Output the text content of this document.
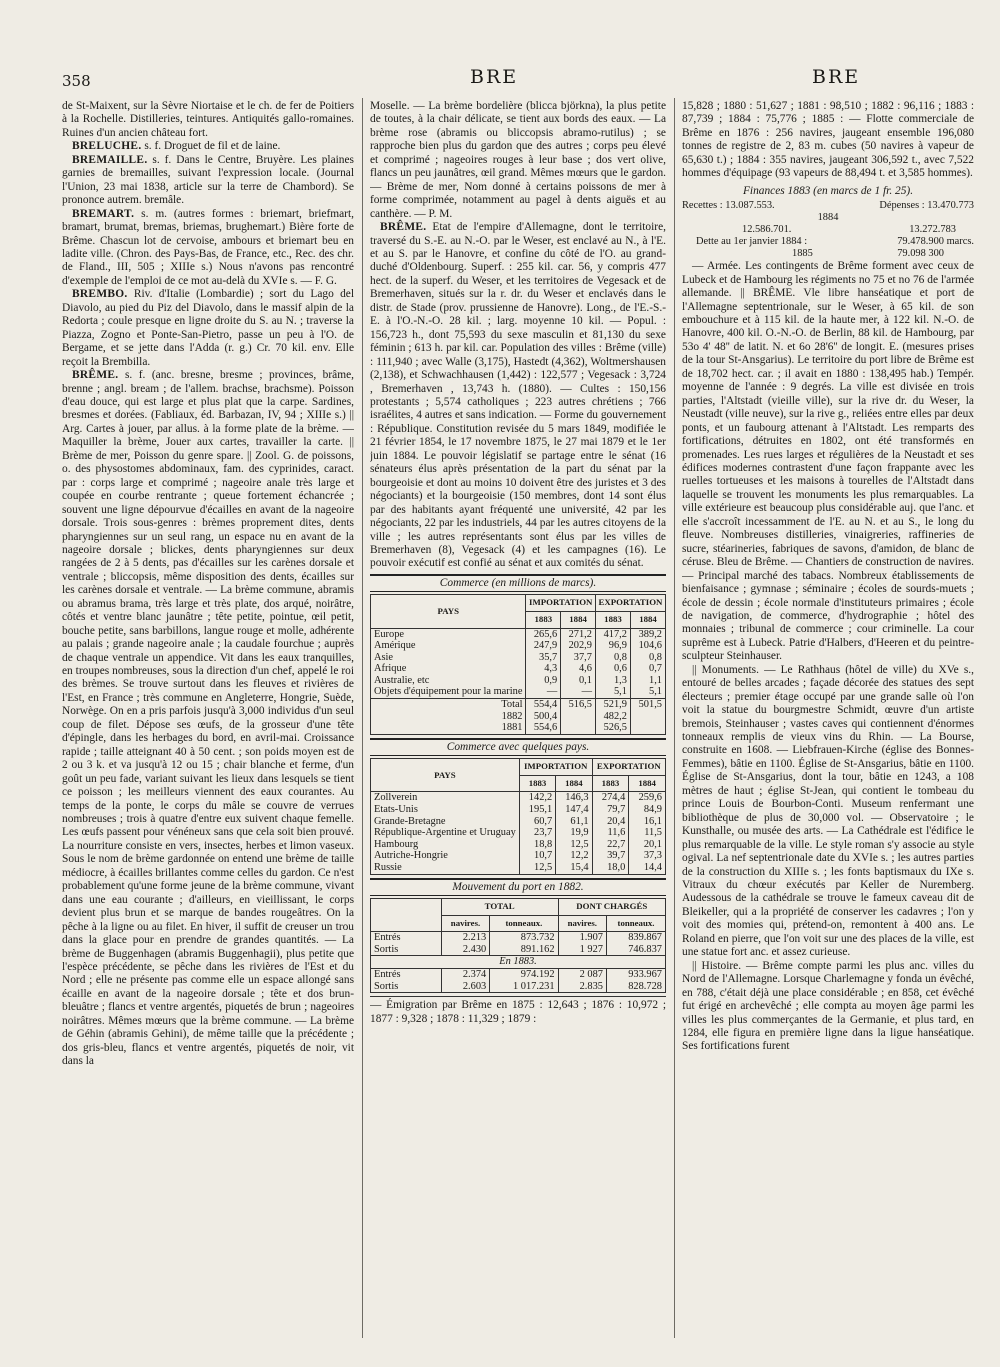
358	BRE	BRE

de St-Maixent, sur la Sèvre Niortaise et le ch. de fer de Poitiers à la Rochelle. Distilleries, teintures. Antiquités gallo-romaines. Ruines d'un ancien château fort.

BRELUCHE. s. f. Droguet de fil et de laine.

BREMAILLE. s. f. Dans le Centre, Bruyère. Les plaines garnies de bremailles, suivant l'expression locale. (Journal l'Union, 23 mai 1838, article sur la terre de Chambord). Se prononce autrem. bremâle.

BREMART. s. m. (autres formes : briemart, briefmart, bramart, brumat, bremas, briemas, brughemart.) Bière forte de Brême. Chascun lot de cervoise, ambours et briemart beu en ladite ville. (Chron. des Pays-Bas, de France, etc., Rec. des chr. de Fland., III, 505 ; XIIIe s.) Nous n'avons pas rencontré d'exemple de l'emploi de ce mot au-delà du XVIe s. — F. G.

BREMBO. Riv. d'Italie (Lombardie) ; sort du Lago del Diavolo, au pied du Piz del Diavolo, dans le massif alpin de la Redorta ; coule presque en ligne droite du S. au N. ; traverse la Piazza, Zogno et Ponte-San-Pietro, passe un peu à l'O. de Bergame, et se jette dans l'Adda (r. g.) Cr. 70 kil. env. Elle reçoit la Brembilla.

BRÊME. s. f. (anc. bresne, bresme ; provinces, brâme, brenne ; angl. bream ; de l'allem. brachse, brachsme). Poisson d'eau douce, qui est large et plus plat que la carpe. Sardines, bresmes et dorées. (Fabliaux, éd. Barbazan, IV, 94 ; XIIIe s.) || Arg. Cartes à jouer, par allus. à la forme plate de la brème. — Maquiller la brème, Jouer aux cartes, travailler la carte. || Brème de mer, Poisson du genre spare. || Zool. G. de poissons, o. des physostomes abdominaux, fam. des cyprinides, caract. par : corps large et comprimé ; nageoire anale très large et coupée en courbe rentrante ; queue fortement échancrée ; souvent une ligne dépourvue d'écailles en avant de la nageoire dorsale. Trois sous-genres : brèmes proprement dites, dents pharyngiennes sur un seul rang, un espace nu en avant de la nageoire dorsale ; blickes, dents pharyngiennes sur deux rangées de 2 à 5 dents, pas d'écailles sur les carènes dorsale et ventrale ; bliccopsis, même disposition des dents, écailles sur les carènes dorsale et ventrale. — La brème commune, abramis ou abramus brama, très large et très plate, dos arqué, noirâtre, côtés et ventre blanc jaunâtre ; tête petite, pointue, œil petit, bouche petite, sans barbillons, langue rouge et molle, adhérente au palais ; grande nageoire anale ; la caudale fourchue ; auprès de chaque ventrale un appendice. Vit dans les eaux tranquilles, en troupes nombreuses, sous la direction d'un chef, appelé le roi des brèmes. Se trouve surtout dans les fleuves et rivières de l'Est, en France ; très commune en Angleterre, Hongrie, Suède, Norwège. On en a pris parfois jusqu'à 3,000 individus d'un seul coup de filet. Dépose ses œufs, de la grosseur d'une tête d'épingle, dans les herbages du bord, en avril-mai. Croissance rapide ; taille atteignant 40 à 50 cent. ; son poids moyen est de 2 ou 3 k. et va jusqu'à 12 ou 15 ; chair blanche et ferme, d'un goût un peu fade, variant suivant les lieux dans lesquels se tient ce poisson ; les meilleurs viennent des eaux courantes. Au temps de la ponte, le corps du mâle se couvre de verrues nombreuses ; trois à quatre d'entre eux suivent chaque femelle. Les œufs passent pour vénéneux sans que cela soit bien prouvé. La nourriture consiste en vers, insectes, herbes et limon vaseux. Sous le nom de brème gardonnée on entend une brème de taille médiocre, à écailles brillantes comme celles du gardon. Ce n'est probablement qu'une forme jeune de la brème commune, vivant dans une eau courante ; d'ailleurs, en vieillissant, le corps devient plus brun et se marque de bandes rougeâtres. On la pêche à la ligne ou au filet. En hiver, il suffit de creuser un trou dans la glace pour en prendre de grandes quantités. — La brème de Buggenhagen (abramis Buggenhagii), plus petite que l'espèce précédente, se pêche dans les rivières de l'Est et du Nord ; elle ne présente pas comme elle un espace allongé sans écaille en avant de la nageoire dorsale ; tête et dos brun-bleuâtre ; flancs et ventre argentés, piquetés de brun ; nageoires noirâtres. Mêmes mœurs que la brème commune. — La brème de Géhin (abramis Gehini), de même taille que la précédente ; dos gris-bleu, flancs et ventre argentés, piquetés de noir, vit dans la

Moselle. — La brème bordelière (blicca björkna), la plus petite de toutes, à la chair délicate, se tient aux bords des eaux. — La brème rose (abramis ou bliccopsis abramo-rutilus) ; se rapproche bien plus du gardon que des autres ; corps peu élevé et comprimé ; nageoires rouges à leur base ; dos vert olive, flancs un peu jaunâtres, œil grand. Mêmes mœurs que le gardon. — Brème de mer, Nom donné à certains poissons de mer à forme comprimée, notamment au pagel à dents aiguës et au canthère. — P. M.

BRÊME. Etat de l'empire d'Allemagne, dont le territoire, traversé du S.-E. au N.-O. par le Weser, est enclavé au N., à l'E. et au S. par le Hanovre, et confine du côté de l'O. au grand-duché d'Oldenbourg. Superf. : 255 kil. car. 56, y compris 477 hect. de la superf. du Weser, et les territoires de Vegesack et de Bremerhaven, situés sur la r. dr. du Weser et enclavés dans le distr. de Stade (prov. prussienne de Hanovre). Long., de l'E.-S.-E. à l'O.-N.-O. 28 kil. ; larg. moyenne 10 kil. — Popul. : 156,723 h., dont 75,593 du sexe masculin et 81,130 du sexe féminin ; 613 h. par kil. car. Population des villes : Brême (ville) : 111,940 ; avec Walle (3,175), Hastedt (4,362), Woltmershausen (2,138), et Schwachhausen (1,442) : 122,577 ; Vegesack : 3,724 , Bremerhaven , 13,743 h. (1880). — Cultes : 150,156 protestants ; 5,574 catholiques ; 223 autres chrétiens ; 766 israélites, 4 autres et sans indication. — Forme du gouvernement : République. Constitution revisée du 5 mars 1849, modifiée le 21 février 1854, le 17 novembre 1875, le 27 mai 1879 et le 1er juin 1884. Le pouvoir législatif se partage entre le sénat (16 sénateurs élus après présentation de la part du sénat par la bourgeoisie et dont au moins 10 doivent être des juristes et 3 des négociants) et la bourgeoisie (150 membres, dont 14 sont élus par des habitants ayant fréquenté une université, 42 par les négociants, 22 par les industriels, 44 par les autres citoyens de la ville ; les autres représentants sont élus par les villes de Bremerhaven (8), Vegesack (4) et les campagnes (16). Le pouvoir exécutif est confié au sénat et aux comités du sénat.

Commerce (en millions de marcs).
PAYS	IMPORTATION		EXPORTATION	
	1883	1884	1883	1884
Europe	265,6	271,2	417,2	389,2
Amérique	247,9	202,9	96,9	104,6
Asie	35,7	37,7	0,8	0,8
Afrique	4,3	4,6	0,6	0,7
Australie, etc	0,9	0,1	1,3	1,1
Objets d'équipement pour la marine	—	—	5,1	5,1
Total	554,4	516,5	521,9	501,5
1882	500,4		482,2	
1881	554,6		526,5	
Commerce avec quelques pays.
PAYS	IMPORTATION		EXPORTATION	
	1883	1884	1883	1884
Zollverein	142,2	146,3	274,4	259,6
Etats-Unis	195,1	147,4	79,7	84,9
Grande-Bretagne	60,7	61,1	20,4	16,1
République-Argentine et Uruguay	23,7	19,9	11,6	11,5
Hambourg	18,8	12,5	22,7	20,1
Autriche-Hongrie	10,7	12,2	39,7	37,3
Russie	12,5	15,4	18,0	14,4
Mouvement du port en 1882.
	TOTAL		DONT CHARGÉS	
	navires.	tonneaux.	navires.	tonneaux.
Entrés	2.213	873.732	1.907	839.867
Sortis	2.430	891.162	1 927	746.837
En 1883.				
Entrés	2.374	974.192	2 087	933.967
Sortis	2.603	1 017.231	2.835	828.728

— Émigration par Brême en 1875 : 12,643 ; 1876 : 10,972 ; 1877 : 9,328 ; 1878 : 11,329 ; 1879 :

15,828 ; 1880 : 51,627 ; 1881 : 98,510 ; 1882 : 96,116 ; 1883 : 87,739 ; 1884 : 75,776 ; 1885 : — Flotte commerciale de Brême en 1876 : 256 navires, jaugeant ensemble 196,080 tonnes de registre de 2, 83 m. cubes (50 navires à vapeur de 65,630 t.) ; 1884 : 355 navires, jaugeant 306,592 t., avec 7,522 hommes d'équipage (93 vapeurs de 88,494 t. et 3,585 hommes).

Finances 1883 (en marcs de 1 fr. 25).
Recettes : 13.087.553.	Dépenses : 13.470.773
1884
12.586.701.	13.272.783
Dette au 1er janvier 1884 :	79.478.900 marcs.
1885	79.098 300

— Armée. Les contingents de Brême forment avec ceux de Lubeck et de Hambourg les régiments no 75 et no 76 de l'armée allemande. || BRÊME. Vle libre hanséatique et port de l'Allemagne septentrionale, sur le Weser, à 65 kil. de son embouchure et à 115 kil. de la haute mer, à 122 kil. N.-O. de Hanovre, 400 kil. O.-N.-O. de Berlin, 88 kil. de Hambourg, par 53o 4' 48'' de latit. N. et 6o 28'6'' de longit. E. (mesures prises de la tour St-Ansgarius). Le territoire du port libre de Brême est de 18,702 hect. car. ; il avait en 1880 : 138,495 hab.) Tempér. moyenne de l'année : 9 degrés. La ville est divisée en trois parties, l'Altstadt (vieille ville), sur la rive dr. du Weser, la Neustadt (ville neuve), sur la rive g., reliées entre elles par deux ponts, et un faubourg attenant à l'Altstadt. Les remparts des fortifications, détruites en 1802, ont été transformés en promenades. Les rues larges et régulières de la Neustadt et ses édifices modernes contrastent d'une façon frappante avec les ruelles tortueuses et les maisons à tourelles de l'Altstadt dans laquelle se trouvent les monuments les plus remarquables. La ville extérieure est beaucoup plus considérable auj. que l'anc. et elle s'accroît incessamment de l'E. au N. et au S., le long du fleuve. Nombreuses distilleries, vinaigreries, raffineries de sucre, stéarineries, fabriques de savons, d'amidon, de blanc de céruse. Bleu de Brême. — Chantiers de construction de navires. — Principal marché des tabacs. Nombreux établissements de bienfaisance ; gymnase ; séminaire ; écoles de sourds-muets ; école de dessin ; école normale d'instituteurs primaires ; école de navigation, de commerce, d'hydrographie ; hôtel des monnaies ; tribunal de commerce ; cour criminelle. La cour suprême est à Lubeck. Patrie d'Halbers, d'Heeren et du peintre-sculpteur Steinhauser.

|| Monuments. — Le Rathhaus (hôtel de ville) du XVe s., entouré de belles arcades ; façade décorée des statues des sept électeurs ; premier étage occupé par une grande salle où l'on voit la statue du bourgmestre Schmidt, œuvre d'un artiste bremois, Steinhauser ; vastes caves qui contiennent d'énormes tonneaux remplis de vieux vins du Rhin. — La Bourse, construite en 1608. — Liebfrauen-Kirche (église des Bonnes-Femmes), bâtie en 1100. Église de St-Ansgarius, bâtie en 1100. Église de St-Ansgarius, dont la tour, bâtie en 1243, a 108 mètres de haut ; église St-Jean, qui contient le tombeau du prince Louis de Bourbon-Conti. Museum renfermant une bibliothèque de plus de 30,000 vol. — Observatoire ; le Kunsthalle, ou musée des arts. — La Cathédrale est l'édifice le plus remarquable de la ville. Le style roman s'y associe au style ogival. La nef septentrionale date du XVIe s. ; les autres parties de la construction du XIIIe s. ; les fonts baptismaux du IXe s. Vitraux du chœur exécutés par Keller de Nuremberg. Audessous de la cathédrale se trouve le fameux caveau dit de Bleikeller, qui a la propriété de conserver les cadavres ; l'on y voit des momies qui, prétend-on, remontent à 400 ans. Le Roland en pierre, que l'on voit sur une des places de la ville, est une statue fort anc. et assez curieuse.

|| Histoire. — Brême compte parmi les plus anc. villes du Nord de l'Allemagne. Lorsque Charlemagne y fonda un évêché, en 788, c'était déjà une place considérable ; en 858, cet évêché fut érigé en archevêché ; elle compta au moyen âge parmi les villes les plus commerçantes de la Germanie, et plus tard, en 1284, elle figura en première ligne dans la ligue hanséatique. Ses fortifications furent
